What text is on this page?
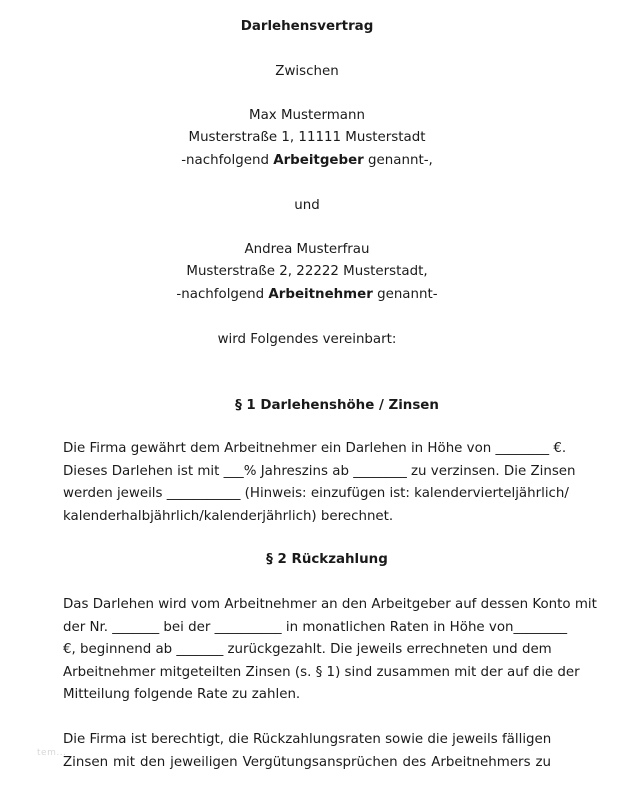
Darlehensvertrag
Zwischen
Max Mustermann
Musterstraße 1, 11111 Musterstadt
-nachfolgend Arbeitgeber genannt-,
und
Andrea Musterfrau
Musterstraße 2, 22222 Musterstadt,
-nachfolgend Arbeitnehmer genannt-
wird Folgendes vereinbart:
§ 1 Darlehenshöhe / Zinsen
Die Firma gewährt dem Arbeitnehmer ein Darlehen in Höhe von ________ €.
Dieses Darlehen ist mit ___% Jahreszins ab ________ zu verzinsen. Die Zinsen
werden jeweils ___________ (Hinweis: einzufügen ist: kalendervierteljährlich/
kalenderhalbjährlich/kalenderjährlich) berechnet.
§ 2 Rückzahlung
Das Darlehen wird vom Arbeitnehmer an den Arbeitgeber auf dessen Konto mit
der Nr. _______ bei der __________ in monatlichen Raten in Höhe von________
€, beginnend ab _______ zurückgezahlt. Die jeweils errechneten und dem
Arbeitnehmer mitgeteilten Zinsen (s. § 1) sind zusammen mit der auf die der
Mitteilung folgende Rate zu zahlen.
Die Firma ist berechtigt, die Rückzahlungsraten sowie die jeweils fälligen
Zinsen mit den jeweiligen Vergütungsansprüchen des Arbeitnehmers zu
tem...
